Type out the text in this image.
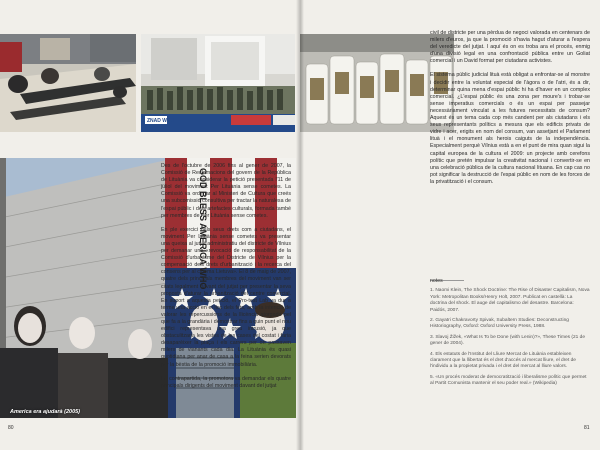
ZNAD WILII
GOD BLESS AMERICA WHO
America era ajudarà (2005)

Des de l'octubre de 2006 fins al gener de 2007, la Comissió de Reclamacions del govern de la República de Lituània va considerar la petició presentada l'11 de juliol del moviment Per Lituània sense cometes. La Comissió va ordenar al Ministeri de Cultura que creés una subcomissió consultiva per tractar la naturalesa de l'espai públic i dels artefactes culturals, formada també per membres de Per Lituània sense cometes.

En ple exercici dels seus drets com a ciutadans, el moviment Per Lituània sense cometes va presentar una queixa al jutjat administratiu del districte de Vílnius per demanar una «revocació de responsabilitat de la Comissió d'urbanisme del Districte de Vílnius per la compensació dels drets d'urbanització i la recerca del consens per al cinema Lietuva». El 8 de maig de 2007, quatre dels principals membres del moviment van ser citats legalment davant del jutjat per presentar la seva proposta d'aturar la urbanització del centre comercial. En suport a aquesta petició, el Pro-test Lab va dur a terme una acció en el lloc dels fets, amb la intenció de valorar les repercussions de la llicència atorgada pel que fa a la grandària i demostrar fins a quin punt el nou edifici representava una greu intrusió, ja que obstaculitzaria les vistes de les cases del costat i faria desaparèixer la plaça i els carrers per on passaven milers de vianants cada dia. La Lituània és quasi quotidiana per anar de casa a la feina serien devorats per la bèstia de la promoció immobiliària.

En contrapartida, la promotora va demandar els quatre principals dirigents del moviment davant del jutjat

civil de districte per una pèrdua de negoci valorada en centenars de milers d'euros, ja que la promoció s'havia hagut d'aturar a l'espera del veredicte del jutjat. I aquí és on es troba ara el procés, enmig d'una divisió legal en una confrontació pública entre un Goliat comercial i un David format per ciutadans activistes.

El sistema públic judicial lituà està obligat a enfrontar-se al monstre i decidir entre la voluntat especial de l'àgora o de l'atri, és a dir, determinar quina mena d'espai públic hi ha d'haver en un complex comercial. ¿L'espai públic és una zona per moure's i trobar-se sense imperatius comercials o és un espai per passejar necessàriament vinculat a les futures necessitats de consum? Aquest és un tema cada cop més candent per als ciutadans i els seus representants polítics a mesura que els edificis privats de vidre i acer, erigits en nom del consum, van assetjant el Parlament lituà i el monument als herois caiguts de la independència. Especialment perquè Vílnius està a en el punt de mira quan sigui la capital europea de la cultura el 2009: un projecte amb cerefons polític que pretén impulsar la creativitat nacional i convertir-se en una celebració pública de la cultura nacional lituana. En cap cas no pot significar la destrucció de l'espai públic en nom de les forces de la privatització i el consum.

notes

1. Naomi Klein, The Shock Doctrine: The Rise of Disaster Capitalism, Nova York: Metropolitan Books/Henry Holt, 2007. Publicat en castellà: La doctrina del shock. El auge del capitalismo del desastre. Barcelona: Paidós, 2007.

2. Gayatri Chakravorty Spivak, Subaltern Studies: Deconstructing Historiography, Oxford: Oxford University Press, 1988.

3. Slavoj Žižek, «What Is To be Done (with Lenin)?», These Times (21 de gener de 2004).

4. Els estatuts de l'Institut del Lliure Mercat de Lituània estableixen clarament que la llibertat és el dret d'accés al mercat lliure, el dret de l'individu a la propietat privada i el dret del mercat al lliure valors.

5. «Un procés moderat de democratització i liberalisme polític que permet al Partit Comunista mantenir el seu poder real.» (Wikipedia)

80	81
